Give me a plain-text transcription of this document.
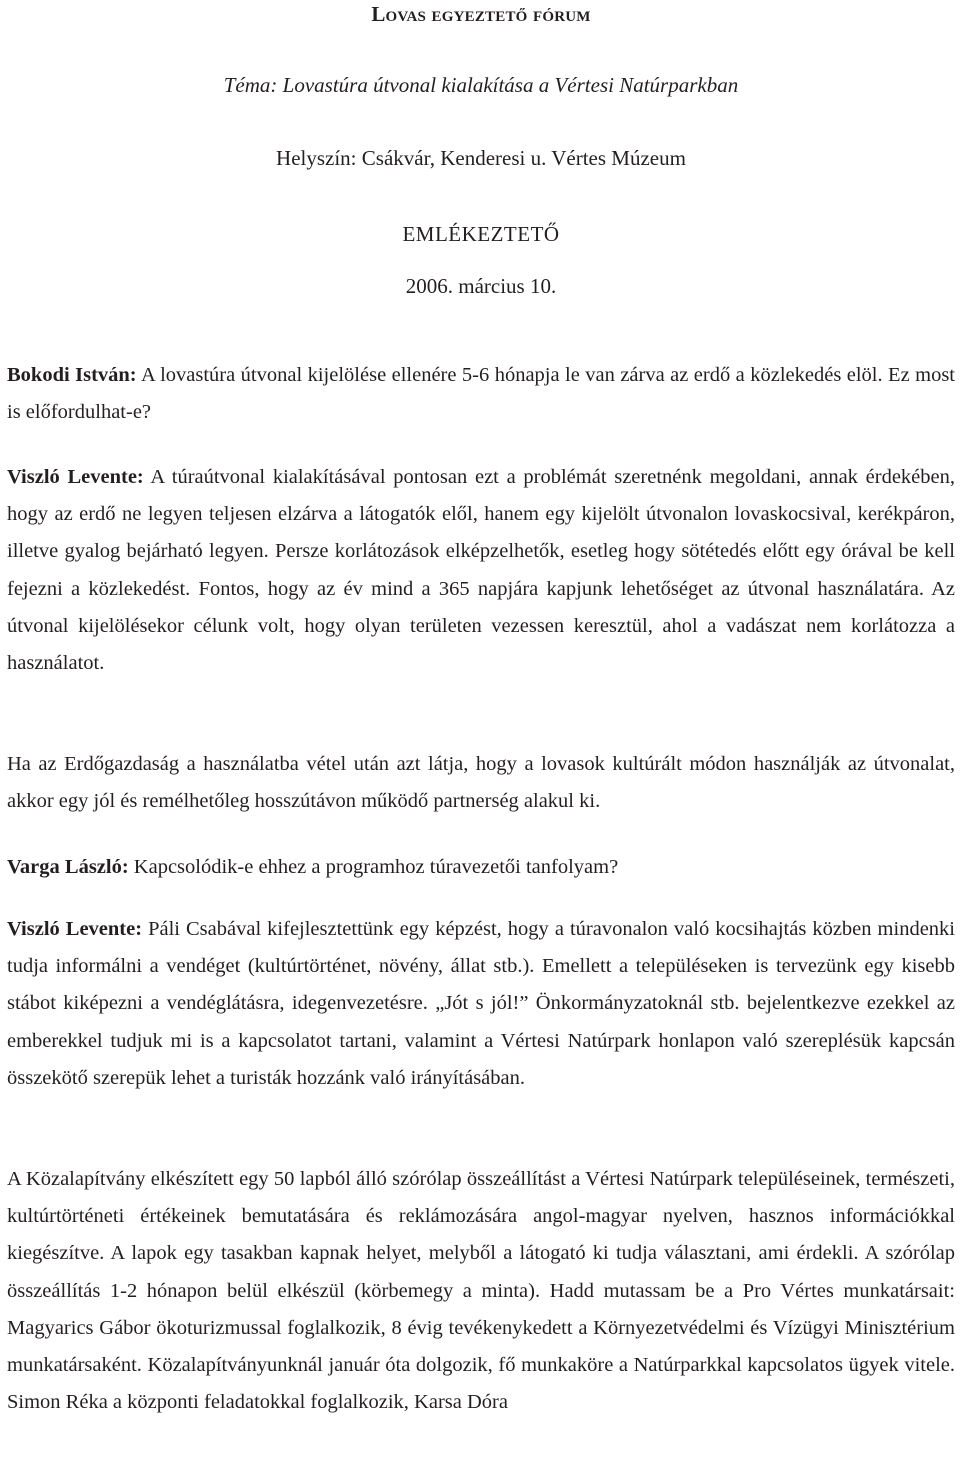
Lovas egyeztető fórum
Téma: Lovastúra útvonal kialakítása a Vértesi Natúrparkban
Helyszín: Csákvár, Kenderesi u. Vértes Múzeum
EMLÉKEZTETŐ
2006. március 10.

Bokodi István: A lovastúra útvonal kijelölése ellenére 5-6 hónapja le van zárva az erdő a közlekedés elöl. Ez most is előfordulhat-e?

Viszló Levente: A túraútvonal kialakításával pontosan ezt a problémát szeretnénk megoldani, annak érdekében, hogy az erdő ne legyen teljesen elzárva a látogatók elől, hanem egy kijelölt útvonalon lovaskocsival, kerékpáron, illetve gyalog bejárható legyen. Persze korlátozások elképzelhetők, esetleg hogy sötétedés előtt egy órával be kell fejezni a közlekedést. Fontos, hogy az év mind a 365 napjára kapjunk lehetőséget az útvonal használatára. Az útvonal kijelölésekor célunk volt, hogy olyan területen vezessen keresztül, ahol a vadászat nem korlátozza a használatot.

Ha az Erdőgazdaság a használatba vétel után azt látja, hogy a lovasok kultúrált módon használják az útvonalat, akkor egy jól és remélhetőleg hosszútávon működő partnerség alakul ki.

Varga László: Kapcsolódik-e ehhez a programhoz túravezetői tanfolyam?

Viszló Levente: Páli Csabával kifejlesztettünk egy képzést, hogy a túravonalon való kocsihajtás közben mindenki tudja informálni a vendéget (kultúrtörténet, növény, állat stb.). Emellett a településeken is tervezünk egy kisebb stábot kiképezni a vendéglátásra, idegenvezetésre. „Jót s jól!” Önkormányzatoknál stb. bejelentkezve ezekkel az emberekkel tudjuk mi is a kapcsolatot tartani, valamint a Vértesi Natúrpark honlapon való szereplésük kapcsán összekötő szerepük lehet a turisták hozzánk való irányításában.

A Közalapítvány elkészített egy 50 lapból álló szórólap összeállítást a Vértesi Natúrpark településeinek, természeti, kultúrtörténeti értékeinek bemutatására és reklámozására angol-magyar nyelven, hasznos információkkal kiegészítve. A lapok egy tasakban kapnak helyet, melyből a látogató ki tudja választani, ami érdekli. A szórólap összeállítás 1-2 hónapon belül elkészül (körbemegy a minta). Hadd mutassam be a Pro Vértes munkatársait: Magyarics Gábor ökoturizmussal foglalkozik, 8 évig tevékenykedett a Környezetvédelmi és Vízügyi Minisztérium munkatársaként. Közalapítványunknál január óta dolgozik, fő munkaköre a Natúrparkkal kapcsolatos ügyek vitele. Simon Réka a központi feladatokkal foglalkozik, Karsa Dóra
